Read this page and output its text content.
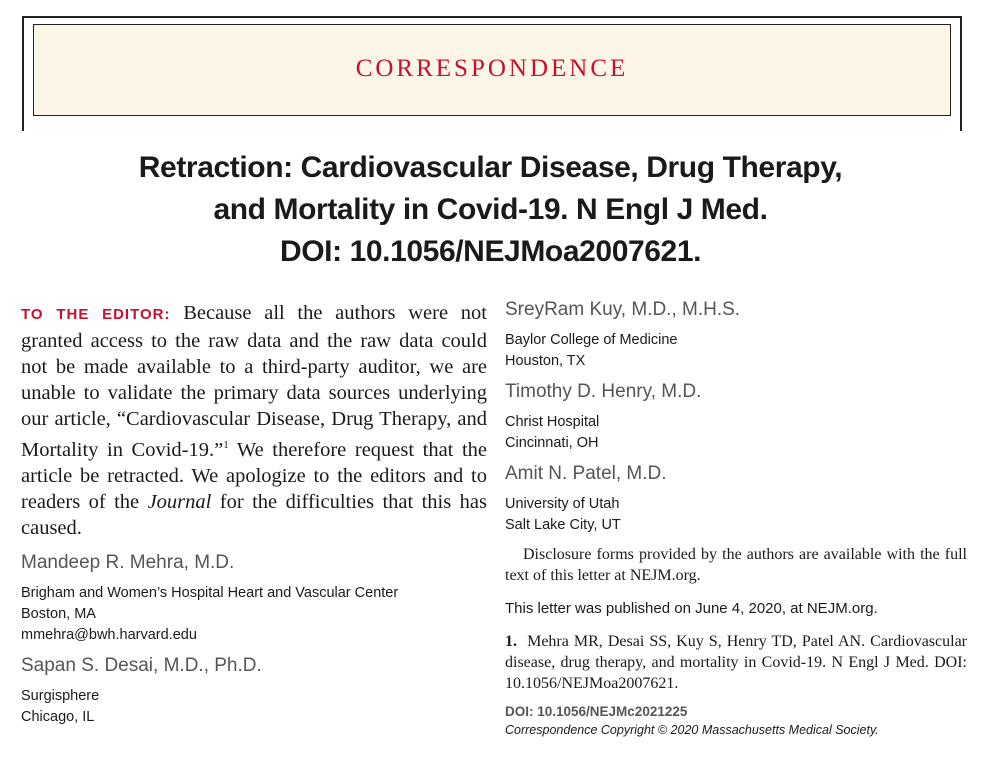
CORRESPONDENCE
Retraction: Cardiovascular Disease, Drug Therapy,
and Mortality in Covid-19. N Engl J Med.
DOI: 10.1056/NEJMoa2007621.

TO THE EDITOR: Because all the authors were not granted access to the raw data and the raw data could not be made available to a third-party auditor, we are unable to validate the primary data sources underlying our article, “Cardiovascular Disease, Drug Therapy, and Mortality in Covid-19.”$^1$ We therefore request that the article be retracted. We apologize to the editors and to readers of the Journal for the difficulties that this has caused.

Mandeep R. Mehra, M.D.

Brigham and Women’s Hospital Heart and Vascular Center

Boston, MA

mmehra@bwh.harvard.edu

Sapan S. Desai, M.D., Ph.D.

Surgisphere

Chicago, IL

SreyRam Kuy, M.D., M.H.S.

Baylor College of Medicine

Houston, TX

Timothy D. Henry, M.D.

Christ Hospital

Cincinnati, OH

Amit N. Patel, M.D.

University of Utah

Salt Lake City, UT

Disclosure forms provided by the authors are available with the full text of this letter at NEJM.org.

This letter was published on June 4, 2020, at NEJM.org.

1. Mehra MR, Desai SS, Kuy S, Henry TD, Patel AN. Cardiovascular disease, drug therapy, and mortality in Covid-19. N Engl J Med. DOI: 10.1056/NEJMoa2007621.

DOI: 10.1056/NEJMc2021225

Correspondence Copyright © 2020 Massachusetts Medical Society.
